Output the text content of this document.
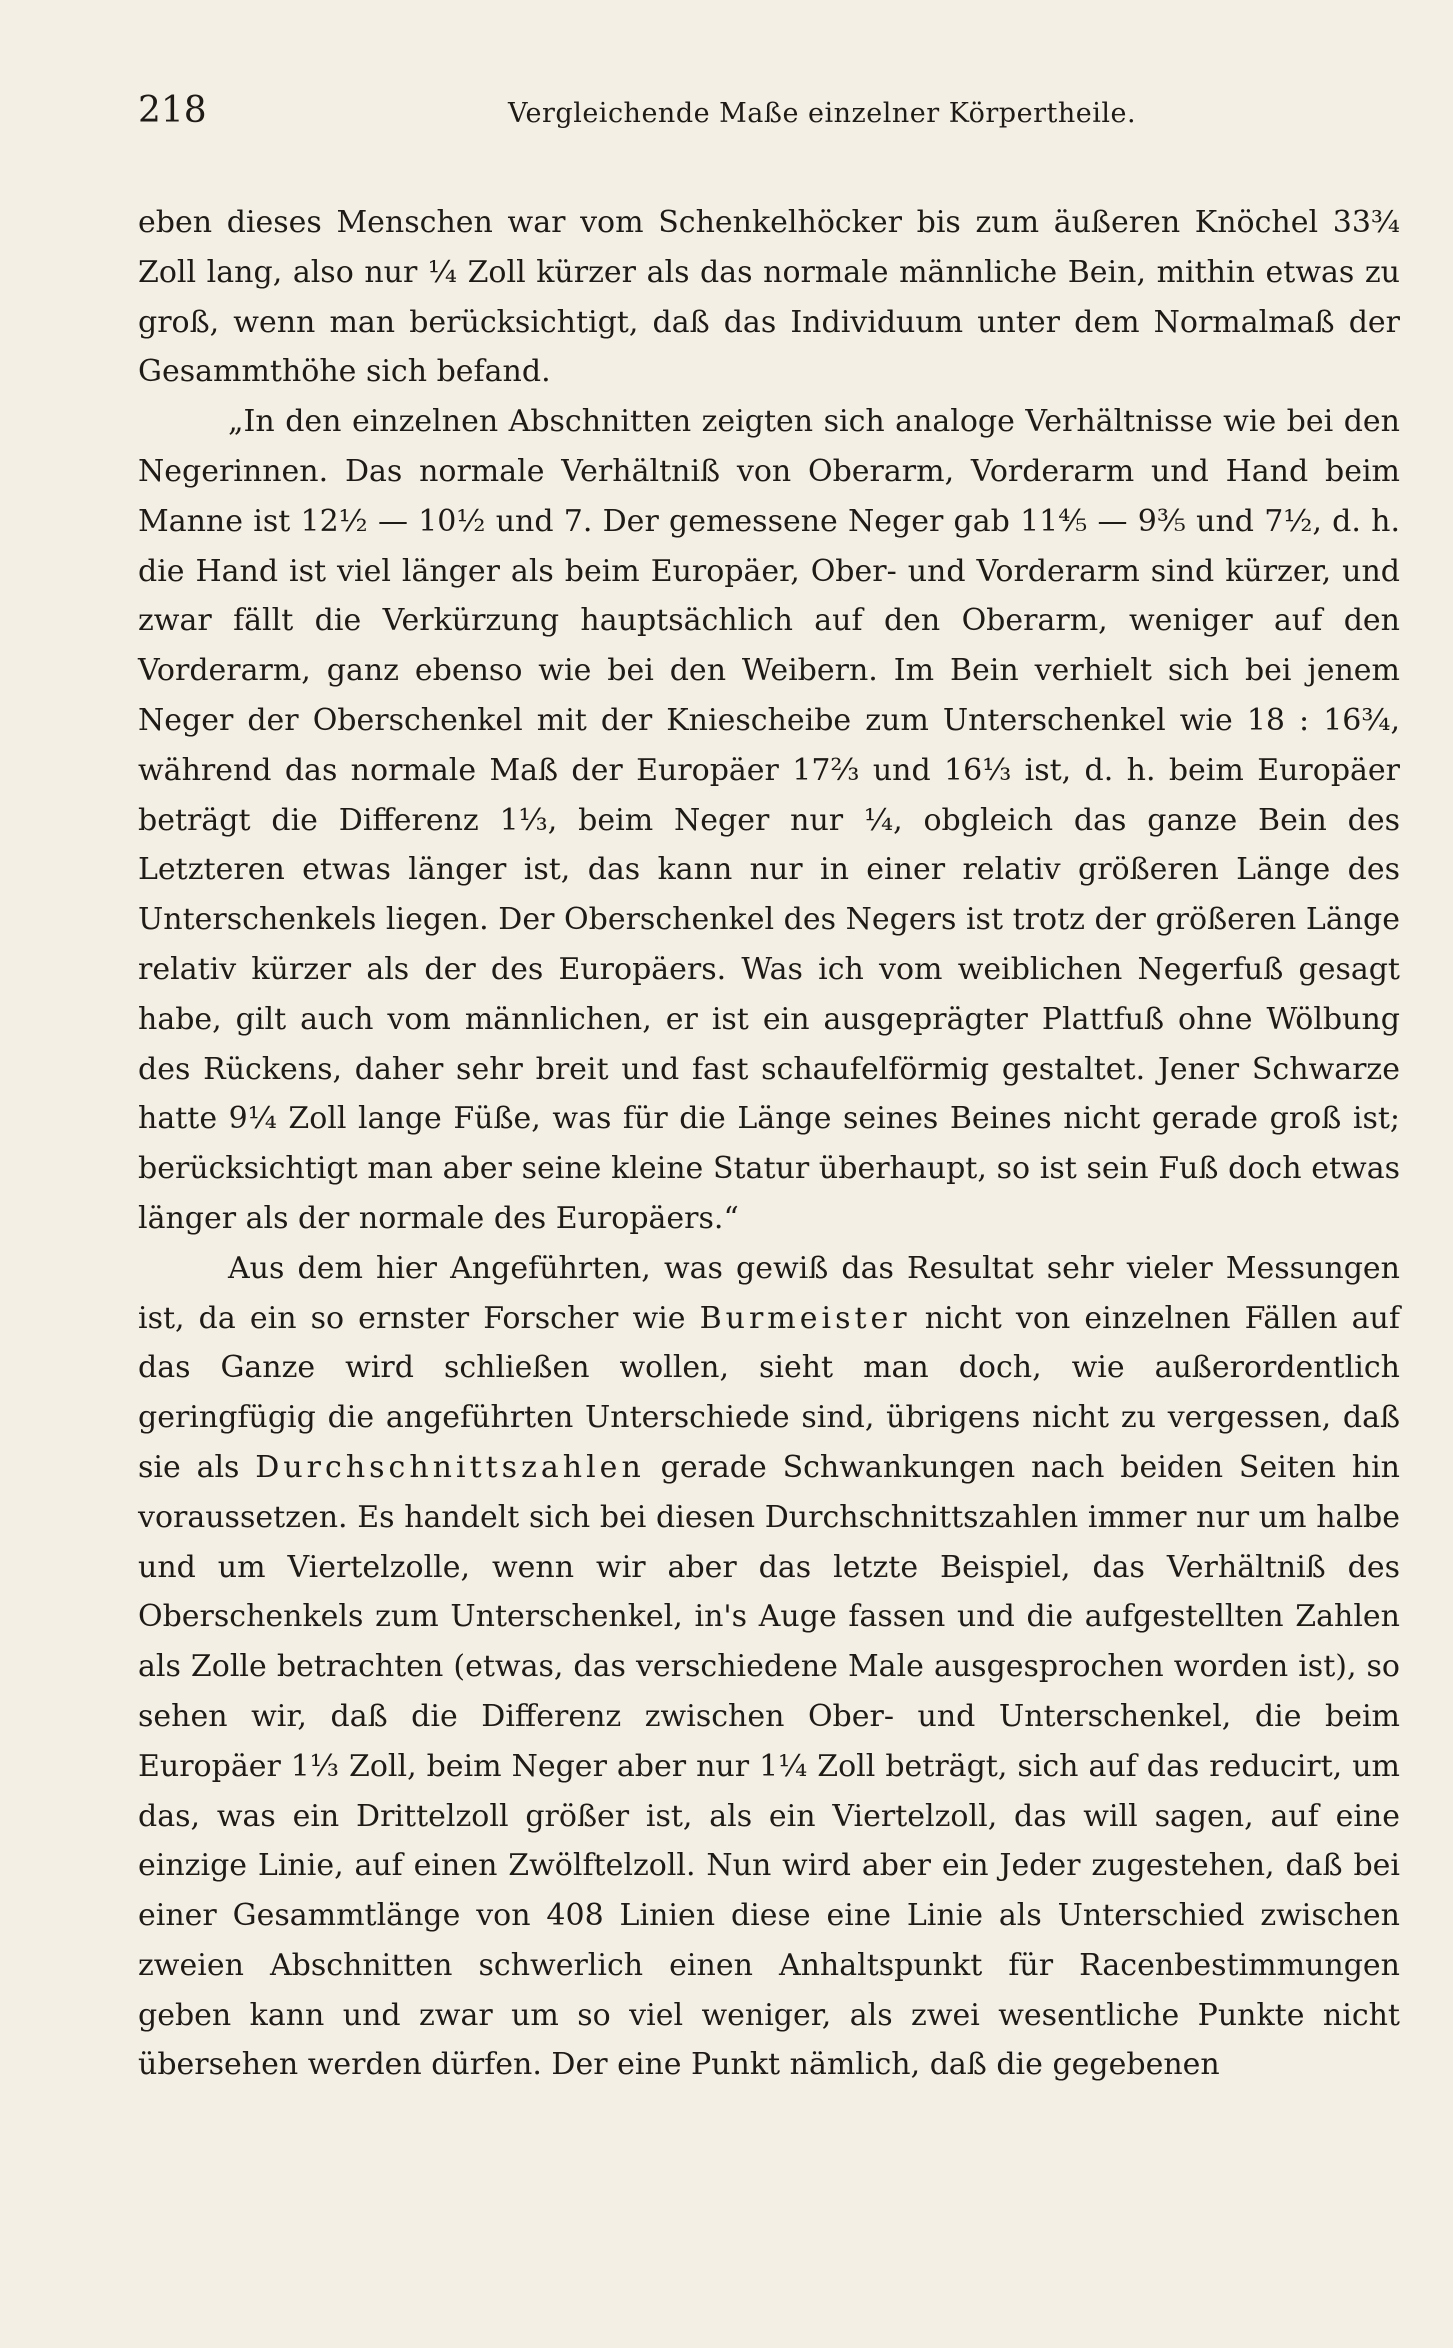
218	Vergleichende Maße einzelner Körpertheile.

eben dieses Menschen war vom Schenkelhöcker bis zum äußeren Knöchel 33¾ Zoll lang, also nur ¼ Zoll kürzer als das normale männliche Bein, mithin etwas zu groß, wenn man berücksichtigt, daß das Individuum unter dem Normalmaß der Gesammthöhe sich befand.

„In den einzelnen Abschnitten zeigten sich analoge Verhältnisse wie bei den Negerinnen. Das normale Verhältniß von Oberarm, Vorderarm und Hand beim Manne ist 12½ — 10½ und 7. Der gemessene Neger gab 11⁴⁄₅ — 9³⁄₅ und 7½, d. h. die Hand ist viel länger als beim Europäer, Ober- und Vorderarm sind kürzer, und zwar fällt die Verkürzung hauptsächlich auf den Oberarm, weniger auf den Vorderarm, ganz ebenso wie bei den Weibern. Im Bein verhielt sich bei jenem Neger der Oberschenkel mit der Kniescheibe zum Unterschenkel wie 18 : 16¾, während das normale Maß der Europäer 17⅔ und 16⅓ ist, d. h. beim Europäer beträgt die Differenz 1⅓, beim Neger nur ¼, obgleich das ganze Bein des Letzteren etwas länger ist, das kann nur in einer relativ größeren Länge des Unterschenkels liegen. Der Oberschenkel des Negers ist trotz der größeren Länge relativ kürzer als der des Europäers. Was ich vom weiblichen Negerfuß gesagt habe, gilt auch vom männlichen, er ist ein ausgeprägter Plattfuß ohne Wölbung des Rückens, daher sehr breit und fast schaufelförmig gestaltet. Jener Schwarze hatte 9¼ Zoll lange Füße, was für die Länge seines Beines nicht gerade groß ist; berücksichtigt man aber seine kleine Statur überhaupt, so ist sein Fuß doch etwas länger als der normale des Europäers.“

Aus dem hier Angeführten, was gewiß das Resultat sehr vieler Messungen ist, da ein so ernster Forscher wie Burmeister nicht von einzelnen Fällen auf das Ganze wird schließen wollen, sieht man doch, wie außerordentlich geringfügig die angeführten Unterschiede sind, übrigens nicht zu vergessen, daß sie als Durchschnittszahlen gerade Schwankungen nach beiden Seiten hin voraussetzen. Es handelt sich bei diesen Durchschnittszahlen immer nur um halbe und um Viertelzolle, wenn wir aber das letzte Beispiel, das Verhältniß des Oberschenkels zum Unterschenkel, in's Auge fassen und die aufgestellten Zahlen als Zolle betrachten (etwas, das verschiedene Male ausgesprochen worden ist), so sehen wir, daß die Differenz zwischen Ober- und Unterschenkel, die beim Europäer 1⅓ Zoll, beim Neger aber nur 1¼ Zoll beträgt, sich auf das reducirt, um das, was ein Drittelzoll größer ist, als ein Viertelzoll, das will sagen, auf eine einzige Linie, auf einen Zwölftelzoll. Nun wird aber ein Jeder zugestehen, daß bei einer Gesammtlänge von 408 Linien diese eine Linie als Unterschied zwischen zweien Abschnitten schwerlich einen Anhaltspunkt für Racenbestimmungen geben kann und zwar um so viel weniger, als zwei wesentliche Punkte nicht übersehen werden dürfen. Der eine Punkt nämlich, daß die gegebenen
